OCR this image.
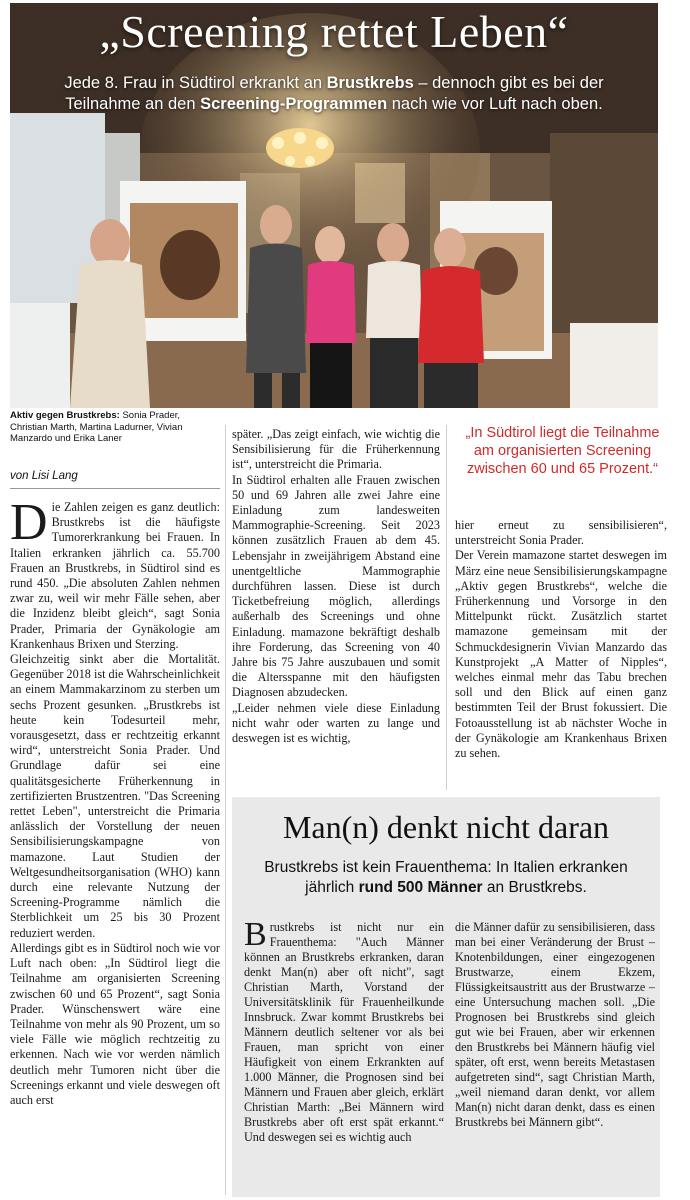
„Screening rettet Leben“
Jede 8. Frau in Südtirol erkrankt an Brustkrebs – dennoch gibt es bei der Teilnahme an den Screening-Programmen nach wie vor Luft nach oben.
Aktiv gegen Brustkrebs: Sonia Prader, Christian Marth, Martina Ladurner, Vivian Manzardo und Erika Laner
von Lisi Lang

Die Zahlen zeigen es ganz deutlich: Brustkrebs ist die häufigste Tumorerkrankung bei Frauen. In Italien erkranken jährlich ca. 55.700 Frauen an Brustkrebs, in Südtirol sind es rund 450. „Die absoluten Zahlen nehmen zwar zu, weil wir mehr Fälle sehen, aber die Inzidenz bleibt gleich“, sagt Sonia Prader, Primaria der Gynäkologie am Krankenhaus Brixen und Sterzing.

Gleichzeitig sinkt aber die Mortalität. Gegenüber 2018 ist die Wahrscheinlichkeit an einem Mammakarzinom zu sterben um sechs Prozent gesunken. „Brustkrebs ist heute kein Todesurteil mehr, vorausgesetzt, dass er rechtzeitig erkannt wird“, unterstreicht Sonia Prader. Und Grundlage dafür sei eine qualitätsgesicherte Früherkennung in zertifizierten Brustzentren. "Das Screening rettet Leben", unterstreicht die Primaria anlässlich der Vorstellung der neuen Sensibilisierungskampagne von mamazone. Laut Studien der Weltgesundheitsorganisation (WHO) kann durch eine relevante Nutzung der Screening-Programme nämlich die Sterblichkeit um 25 bis 30 Prozent reduziert werden.

Allerdings gibt es in Südtirol noch wie vor Luft nach oben: „In Südtirol liegt die Teilnahme am organisierten Screening zwischen 60 und 65 Prozent“, sagt Sonia Prader. Wünschenswert wäre eine Teilnahme von mehr als 90 Prozent, um so viele Fälle wie möglich rechtzeitig zu erkennen. Nach wie vor werden nämlich deutlich mehr Tumoren nicht über die Screenings erkannt und viele deswegen oft auch erst

später. „Das zeigt einfach, wie wichtig die Sensibilisierung für die Früherkennung ist“, unterstreicht die Primaria.

In Südtirol erhalten alle Frauen zwischen 50 und 69 Jahren alle zwei Jahre eine Einladung zum landesweiten Mammographie-Screening. Seit 2023 können zusätzlich Frauen ab dem 45. Lebensjahr in zweijährigem Abstand eine unentgeltliche Mammographie durchführen lassen. Diese ist durch Ticketbefreiung möglich, allerdings außerhalb des Screenings und ohne Einladung. mamazone bekräftigt deshalb ihre Forderung, das Screening von 40 Jahre bis 75 Jahre auszubauen und somit die Altersspanne mit den häufigsten Diagnosen abzudecken.

„Leider nehmen viele diese Einladung nicht wahr oder warten zu lange und deswegen ist es wichtig,

„In Südtirol liegt die Teilnahme am organisierten Screening zwischen 60 und 65 Prozent.“

hier erneut zu sensibilisieren“, unterstreicht Sonia Prader.

Der Verein mamazone startet deswegen im März eine neue Sensibilisierungskampagne „Aktiv gegen Brustkrebs“, welche die Früherkennung und Vorsorge in den Mittelpunkt rückt. Zusätzlich startet mamazone gemeinsam mit der Schmuckdesignerin Vivian Manzardo das Kunstprojekt „A Matter of Nipples“, welches einmal mehr das Tabu brechen soll und den Blick auf einen ganz bestimmten Teil der Brust fokussiert. Die Fotoausstellung ist ab nächster Woche in der Gynäkologie am Krankenhaus Brixen zu sehen.

Man(n) denkt nicht daran
Brustkrebs ist kein Frauenthema: In Italien erkranken jährlich rund 500 Männer an Brustkrebs.

Brustkrebs ist nicht nur ein Frauenthema: "Auch Männer können an Brustkrebs erkranken, daran denkt Man(n) aber oft nicht", sagt Christian Marth, Vorstand der Universitätsklinik für Frauenheilkunde Innsbruck. Zwar kommt Brustkrebs bei Männern deutlich seltener vor als bei Frauen, man spricht von einer Häufigkeit von einem Erkrankten auf 1.000 Männer, die Prognosen sind bei Männern und Frauen aber gleich, erklärt Christian Marth: „Bei Männern wird Brustkrebs aber oft erst spät erkannt.“ Und deswegen sei es wichtig auch

die Männer dafür zu sensibilisieren, dass man bei einer Veränderung der Brust – Knotenbildungen, einer eingezogenen Brustwarze, einem Ekzem, Flüssigkeitsaustritt aus der Brustwarze – eine Untersuchung machen soll. „Die Prognosen bei Brustkrebs sind gleich gut wie bei Frauen, aber wir erkennen den Brustkrebs bei Männern häufig viel später, oft erst, wenn bereits Metastasen aufgetreten sind“, sagt Christian Marth, „weil niemand daran denkt, vor allem Man(n) nicht daran denkt, dass es einen Brustkrebs bei Männern gibt“.
